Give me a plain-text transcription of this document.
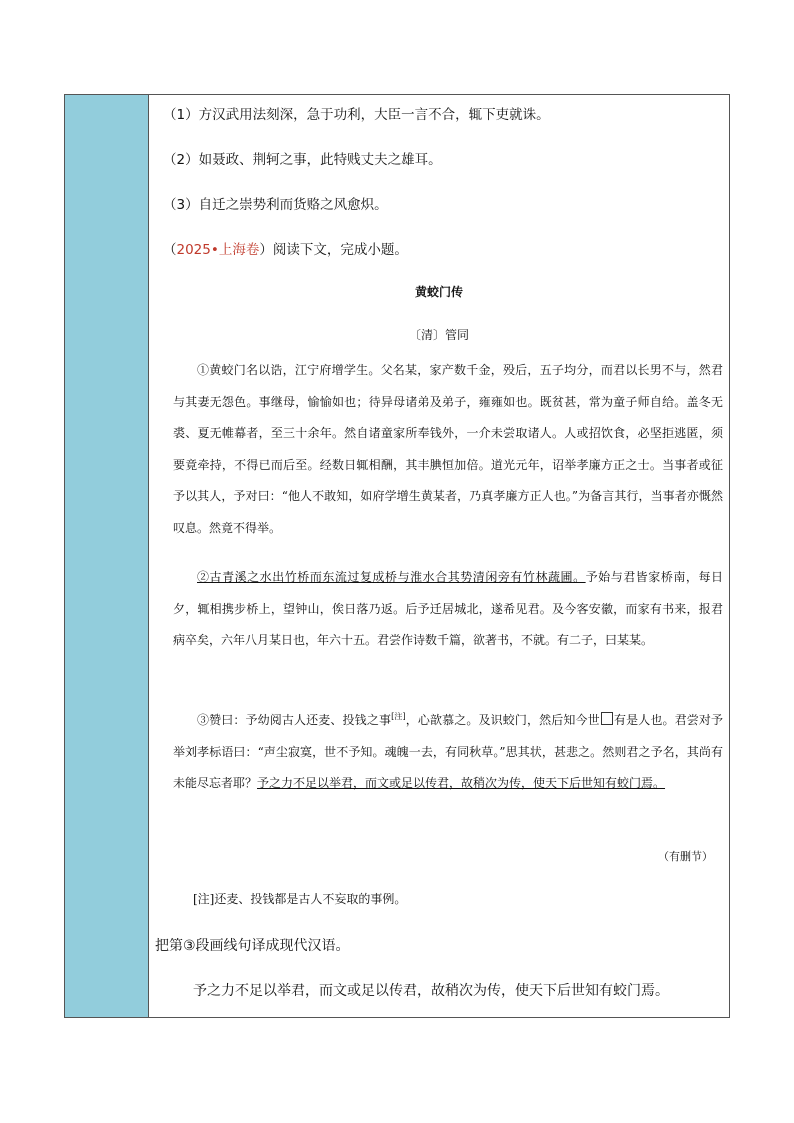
（1）方汉武用法刻深，急于功利，大臣一言不合，辄下吏就诛。
（2）如聂政、荆轲之事，此特贱丈夫之雄耳。
（3）自迁之崇势利而货赂之风愈炽。
（2025•上海卷）阅读下文，完成小题。
黄蛟门传
〔清〕管同

①黄蛟门名以诰，江宁府增学生。父名某，家产数千金，殁后，五子均分，而君以长男不与，然君与其妻无怨色。事继母，愉愉如也；待异母诸弟及弟子，雍雍如也。既贫甚，常为童子师自给。盖冬无裘、夏无帷幕者，至三十余年。然自诸童家所奉钱外，一介未尝取诸人。人或招饮食，必坚拒逃匿，须要竟牵持，不得已而后至。经数日辄相酬，其丰腆恒加倍。道光元年，诏举孝廉方正之士。当事者或征予以其人，予对曰：“他人不敢知，如府学增生黄某者，乃真孝廉方正人也。”为备言其行，当事者亦慨然叹息。然竟不得举。

②古青溪之水出竹桥而东流过复成桥与淮水合其势清闲旁有竹林蔬圃。予始与君皆家桥南，每日夕，辄相携步桥上，望钟山，俟日落乃返。后予迁居城北，遂希见君。及今客安徽，而家有书来，报君病卒矣，六年八月某日也，年六十五。君尝作诗数千篇，欲著书，不就。有二子，曰某某。

③赞曰：予幼阅古人还麦、投钱之事[注]，心歆慕之。及识蛟门，然后知今世 有是人也。君尝对予举刘孝标语曰：“声尘寂寞，世不予知。魂魄一去，有同秋草。”思其状，甚悲之。然则君之予名，其尚有未能尽忘者耶？予之力不足以举君，而文或足以传君，故稍次为传，使天下后世知有蛟门焉。

（有删节）
[注]还麦、投钱都是古人不妄取的事例。
把第③段画线句译成现代汉语。
予之力不足以举君，而文或足以传君，故稍次为传，使天下后世知有蛟门焉。
